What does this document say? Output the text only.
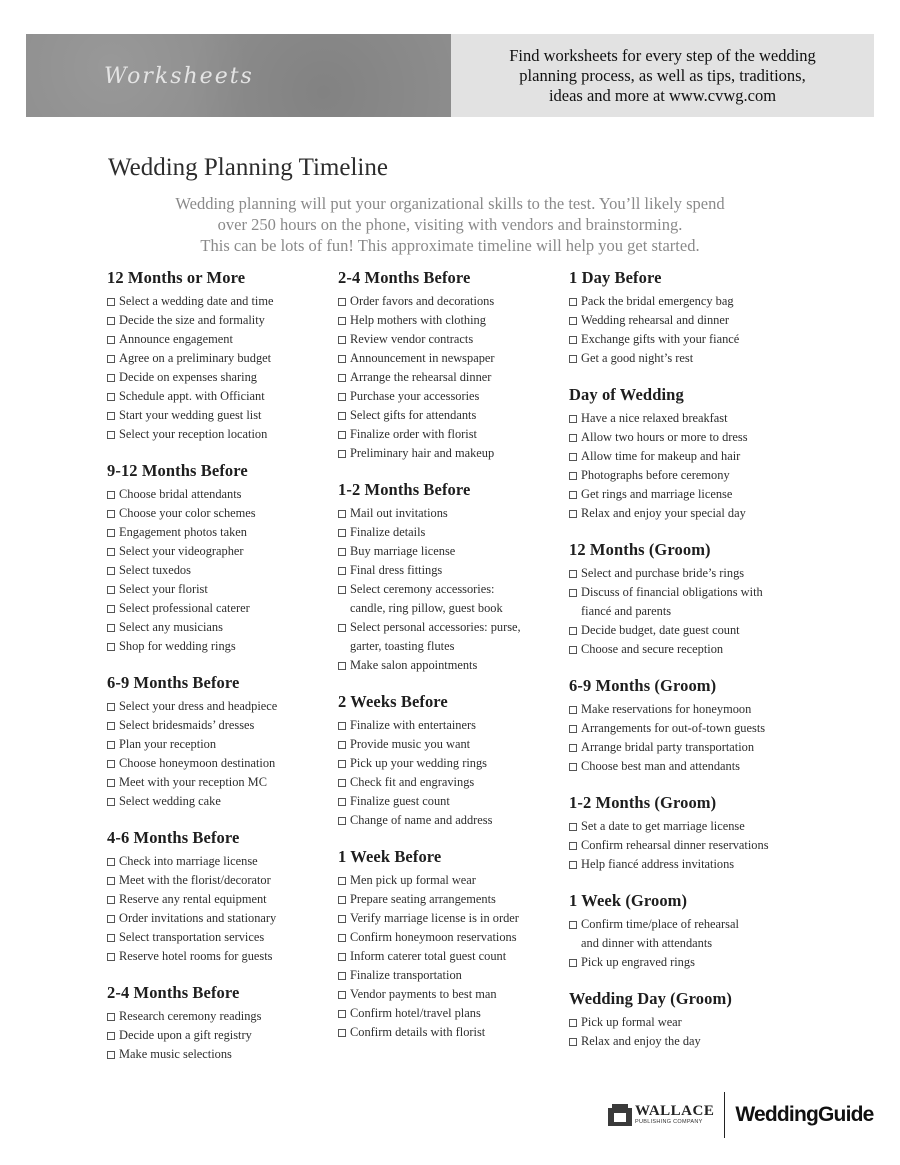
Worksheets
Find worksheets for every step of the wedding
planning process, as well as tips, traditions,
ideas and more at www.cvwg.com
Wedding Planning Timeline
Wedding planning will put your organizational skills to the test. You’ll likely spend
over 250 hours on the phone, visiting with vendors and brainstorming.
This can be lots of fun! This approximate timeline will help you get started.
12 Months or More
Select a wedding date and time
Decide the size and formality
Announce engagement
Agree on a preliminary budget
Decide on expenses sharing
Schedule appt. with Officiant
Start your wedding guest list
Select your reception location
9-12 Months Before
Choose bridal attendants
Choose your color schemes
Engagement photos taken
Select your videographer
Select tuxedos
Select your florist
Select professional caterer
Select any musicians
Shop for wedding rings
6-9 Months Before
Select your dress and headpiece
Select bridesmaids’ dresses
Plan your reception
Choose honeymoon destination
Meet with your reception MC
Select wedding cake
4-6 Months Before
Check into marriage license
Meet with the florist/decorator
Reserve any rental equipment
Order invitations and stationary
Select transportation services
Reserve hotel rooms for guests
2-4 Months Before
Research ceremony readings
Decide upon a gift registry
Make music selections
2-4 Months Before
Order favors and decorations
Help mothers with clothing
Review vendor contracts
Announcement in newspaper
Arrange the rehearsal dinner
Purchase your accessories
Select gifts for attendants
Finalize order with florist
Preliminary hair and makeup
1-2 Months Before
Mail out invitations
Finalize details
Buy marriage license
Final dress fittings
Select ceremony accessories:
candle, ring pillow, guest book
Select personal accessories: purse,
garter, toasting flutes
Make salon appointments
2 Weeks Before
Finalize with entertainers
Provide music you want
Pick up your wedding rings
Check fit and engravings
Finalize guest count
Change of name and address
1 Week Before
Men pick up formal wear
Prepare seating arrangements
Verify marriage license is in order
Confirm honeymoon reservations
Inform caterer total guest count
Finalize transportation
Vendor payments to best man
Confirm hotel/travel plans
Confirm details with florist
1 Day Before
Pack the bridal emergency bag
Wedding rehearsal and dinner
Exchange gifts with your fiancé
Get a good night’s rest
Day of Wedding
Have a nice relaxed breakfast
Allow two hours or more to dress
Allow time for makeup and hair
Photographs before ceremony
Get rings and marriage license
Relax and enjoy your special day
12 Months (Groom)
Select and purchase bride’s rings
Discuss of financial obligations with
fiancé and parents
Decide budget, date guest count
Choose and secure reception
6-9 Months (Groom)
Make reservations for honeymoon
Arrangements for out-of-town guests
Arrange bridal party transportation
Choose best man and attendants
1-2 Months (Groom)
Set a date to get marriage license
Confirm rehearsal dinner reservations
Help fiancé address invitations
1 Week (Groom)
Confirm time/place of rehearsal
and dinner with attendants
Pick up engraved rings
Wedding Day (Groom)
Pick up formal wear
Relax and enjoy the day
WALLACE
PUBLISHING COMPANY	WeddingGuide
